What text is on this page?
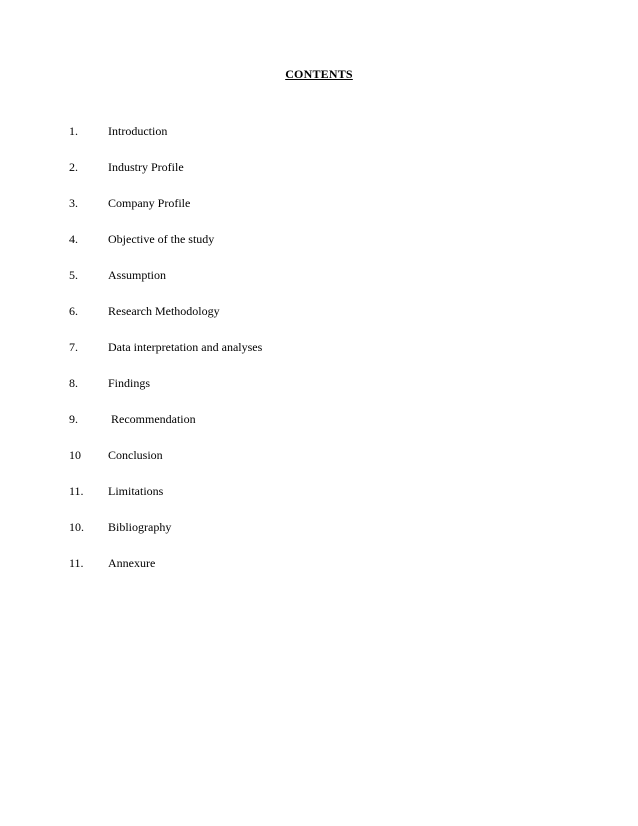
CONTENTS
1.	Introduction
2.	Industry Profile
3.	Company Profile
4.	Objective of the study
5.	Assumption
6.	Research Methodology
7.	Data interpretation and analyses
8.	Findings
9.	Recommendation
10 Conclusion
11. Limitations
10. Bibliography
11. Annexure
